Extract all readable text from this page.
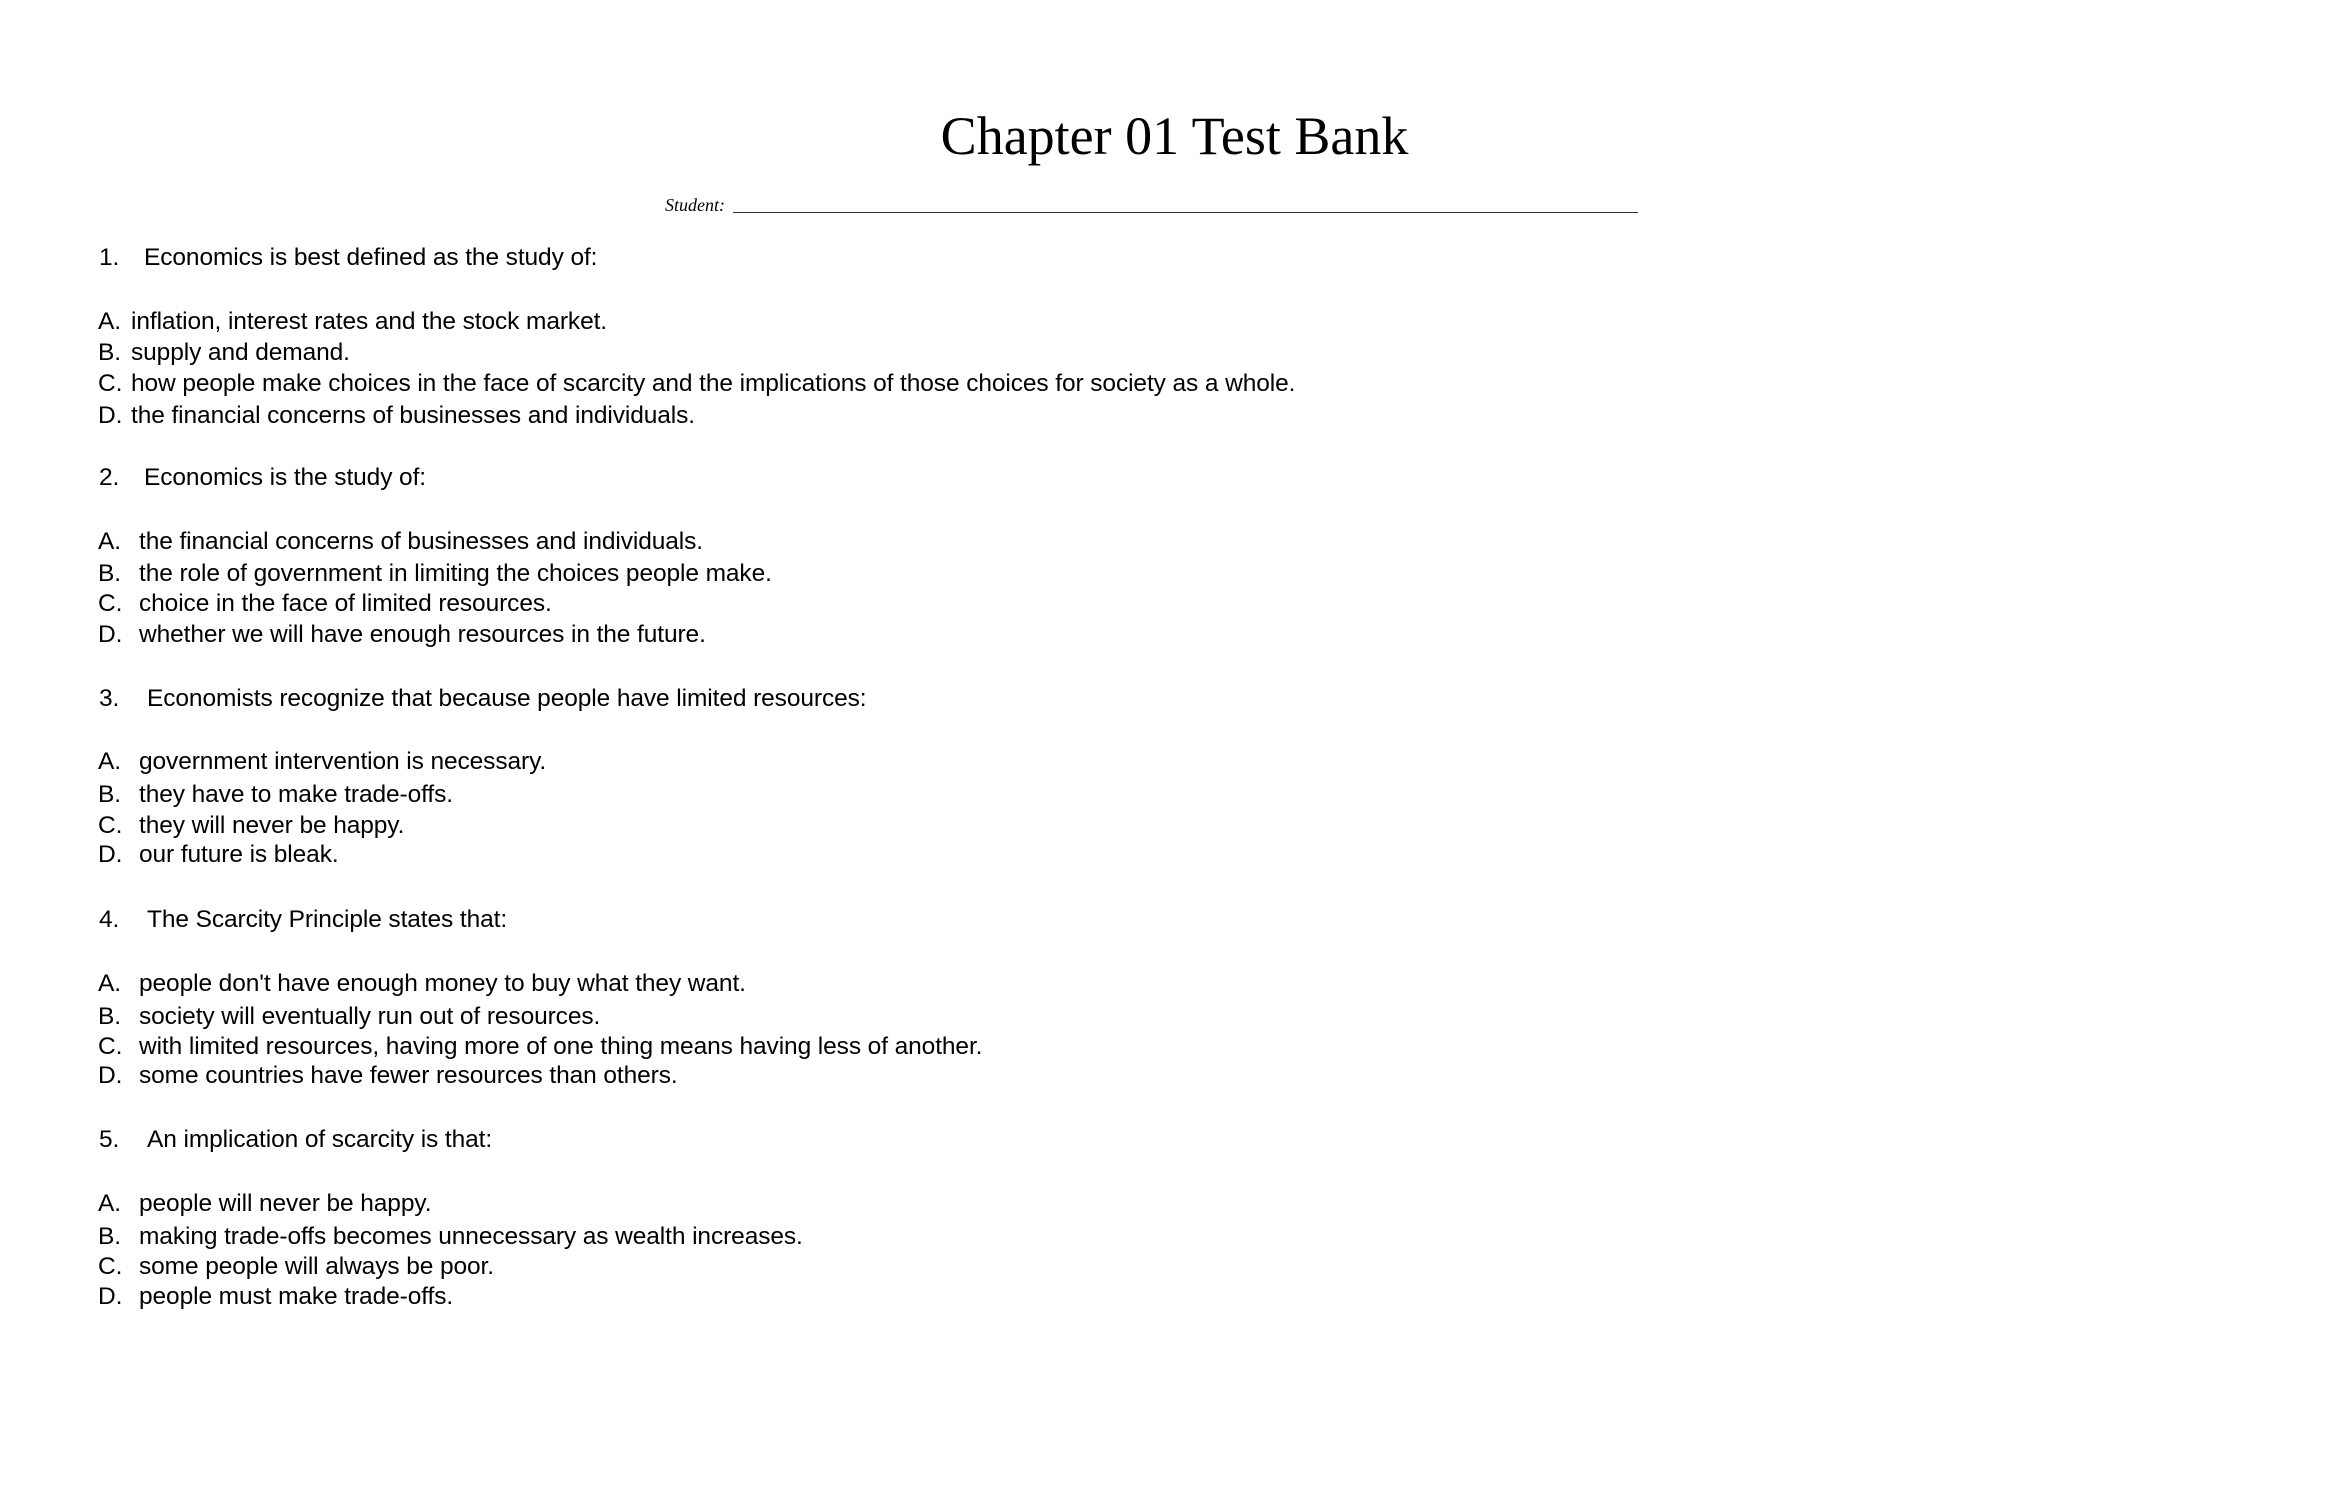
Chapter 01 Test Bank
Student:
1. Economics is best defined as the study of:
A. inflation, interest rates and the stock market.
B. supply and demand.
C. how people make choices in the face of scarcity and the implications of those choices for society as a whole.
D. the financial concerns of businesses and individuals.
2. Economics is the study of:
A. the financial concerns of businesses and individuals.
B. the role of government in limiting the choices people make.
C. choice in the face of limited resources.
D. whether we will have enough resources in the future.
3. Economists recognize that because people have limited resources:
A. government intervention is necessary.
B. they have to make trade-offs.
C. they will never be happy.
D. our future is bleak.
4. The Scarcity Principle states that:
A. people don't have enough money to buy what they want.
B. society will eventually run out of resources.
C. with limited resources, having more of one thing means having less of another.
D. some countries have fewer resources than others.
5. An implication of scarcity is that:
A. people will never be happy.
B. making trade-offs becomes unnecessary as wealth increases.
C. some people will always be poor.
D. people must make trade-offs.
